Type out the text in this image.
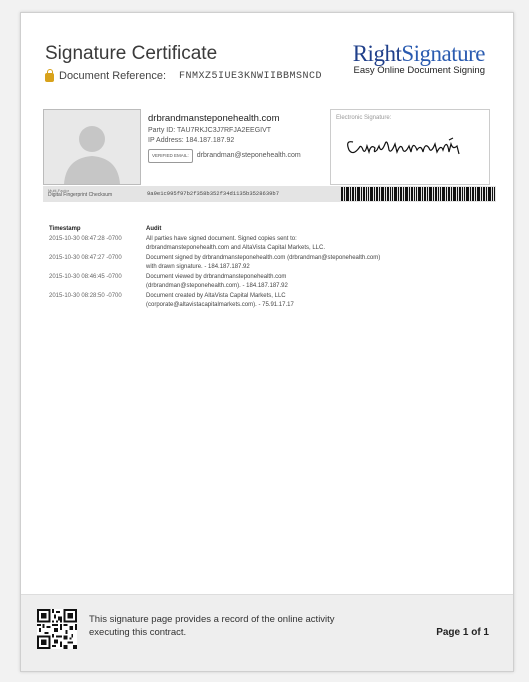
Signature Certificate
Document Reference: FNMXZ5IUE3KNWIIBBMSNCD
RightSignature
Easy Online Document Signing
drbrandmansteponehealth.com
Party ID: TAU7RKJC3J7RFJA2EEGIVT
IP Address: 184.187.187.92
VERIFIED EMAIL:	drbrandman@steponehealth.com
Electronic Signature:
Multi-Factor
Digital Fingerprint Checksum	9a9e1c995f97b2f358b352f34d1135b3528639b7
Timestamp	Audit
2015-10-30 08:47:28 -0700	All parties have signed document. Signed copies sent to:
drbrandmansteponehealth.com and AltaVista Capital Markets, LLC.
2015-10-30 08:47:27 -0700	Document signed by drbrandmansteponehealth.com (drbrandman@steponehealth.com)
with drawn signature. - 184.187.187.92
2015-10-30 08:46:45 -0700	Document viewed by drbrandmansteponehealth.com
(drbrandman@steponehealth.com). - 184.187.187.92
2015-10-30 08:28:50 -0700	Document created by AltaVista Capital Markets, LLC
(corporate@altavistacapitalmarkets.com). - 75.91.17.17
This signature page provides a record of the online activity executing this contract.	Page 1 of 1
